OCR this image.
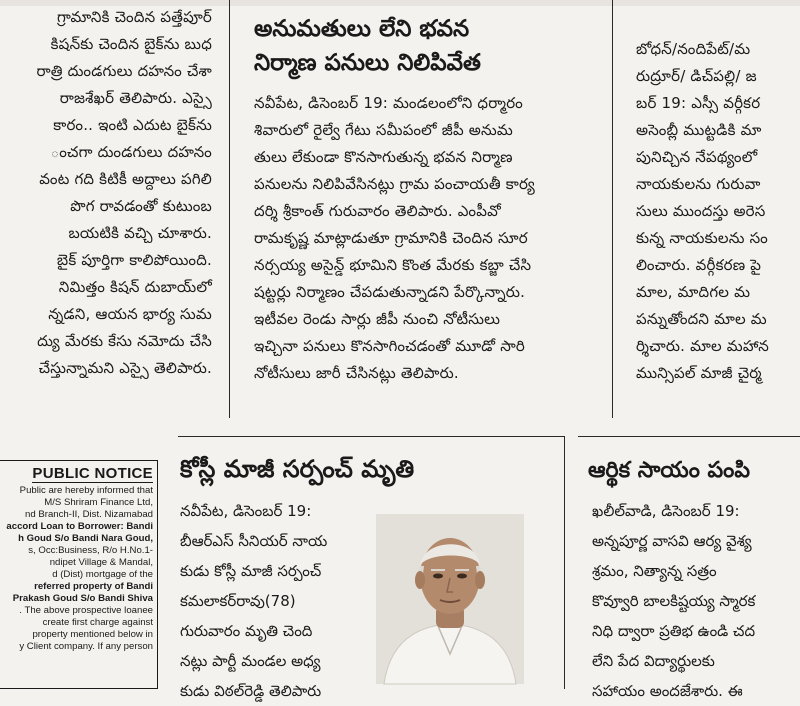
గ్రామానికి చెందిన పత్తేపూర్
కిషన్‌కు చెందిన బైక్‌ను బుధ
రాత్రి దుండగులు దహనం చేశా
రాజశేఖర్ తెలిపారు. ఎస్సై
కారం.. ఇంటి ఎదుట బైక్‌ను
ంచగా దుండగులు దహనం
వంట గది కిటికీ అద్దాలు పగిలి
పొగ రావడంతో కుటుంబ
బయటికి వచ్చి చూశారు.
బైక్ పూర్తిగా కాలిపోయింది.
నిమిత్తం కిషన్ దుబాయ్‌లో
న్నడని, ఆయన భార్య సుమ
ద్యు మేరకు కేసు నమోదు చేసి
చేస్తున్నామని ఎస్సై తెలిపారు.
అనుమతులు లేని భవన
నిర్మాణ పనులు నిలిపివేత
నవీపేట, డిసెంబర్ 19: మండలంలోని ధర్మారం
శివారులో రైల్వే గేటు సమీపంలో జీపీ అనుమ
తులు లేకుండా కొనసాగుతున్న భవన నిర్మాణ
పనులను నిలిపివేసినట్లు గ్రామ పంచాయతీ కార్య
దర్శి శ్రీకాంత్ గురువారం తెలిపారు. ఎంపీవో
రామకృష్ణ మాట్లాడుతూ గ్రామానికి చెందిన సూర
నర్సయ్య అసైన్డ్ భూమిని కొంత మేరకు కబ్జా చేసి
షట్టర్లు నిర్మాణం చేపడుతున్నాడని పేర్కొన్నారు.
ఇటీవల రెండు సార్లు జీపీ నుంచి నోటీసులు
ఇచ్చినా పనులు కొనసాగించడంతో మూడో సారి
నోటీసులు జారీ చేసినట్లు తెలిపారు.
బోధన్/నందిపేట్/మ
రుద్రూర్/ డిచ్‌పల్లి/ జ
బర్ 19: ఎస్సీ వర్గీకర
అసెంబ్లీ ముట్టడికి మా
పునిచ్చిన నేపథ్యంలో
నాయకులను గురువా
సులు ముందస్తు అరెస
కున్న నాయకులను సం
లించారు. వర్గీకరణ పై
మాల, మాదిగల మ
పన్నుతోందని మాల మ
ర్శిచారు. మాల మహాన
మున్సిపల్ మాజీ చైర్మ
PUBLIC NOTICE
Public are hereby informed that
M/S Shriram Finance Ltd,
nd Branch-II, Dist. Nizamabad
accord Loan to Borrower: Bandi
h Goud S/o Bandi Nara Goud,
s, Occ:Business, R/o H.No.1-
ndipet Village & Mandal,
d (Dist) mortgage of the
referred property of Bandi
Prakash Goud S/o Bandi Shiva
. The above prospective loanee
create first charge against
property mentioned below in
y Client company. If any person
కోస్లీ మాజీ సర్పంచ్ మృతి
నవీపేట, డిసెంబర్ 19:
బీఆర్ఎస్ సీనియర్ నాయ
కుడు కోస్లీ మాజీ సర్పంచ్
కమలాకర్‌రావు(78)
గురువారం మృతి చెంది
నట్లు పార్టీ మండల అధ్య
కుడు విఠల్‌రెడ్డి తెలిపారు
ఆర్థిక సాయం పంపి
ఖలీల్‌వాడి, డిసెంబర్ 19:
అన్నపూర్ణ వాసవి ఆర్య వైశ్య
శ్రమం, నిత్యాన్న సత్రం
కొవ్వూరి బాలకిష్టయ్య స్మారక
నిధి ద్వారా ప్రతిభ ఉండి చద
లేని పేద విద్యార్థులకు
సహాయం అందజేశారు. ఈ
